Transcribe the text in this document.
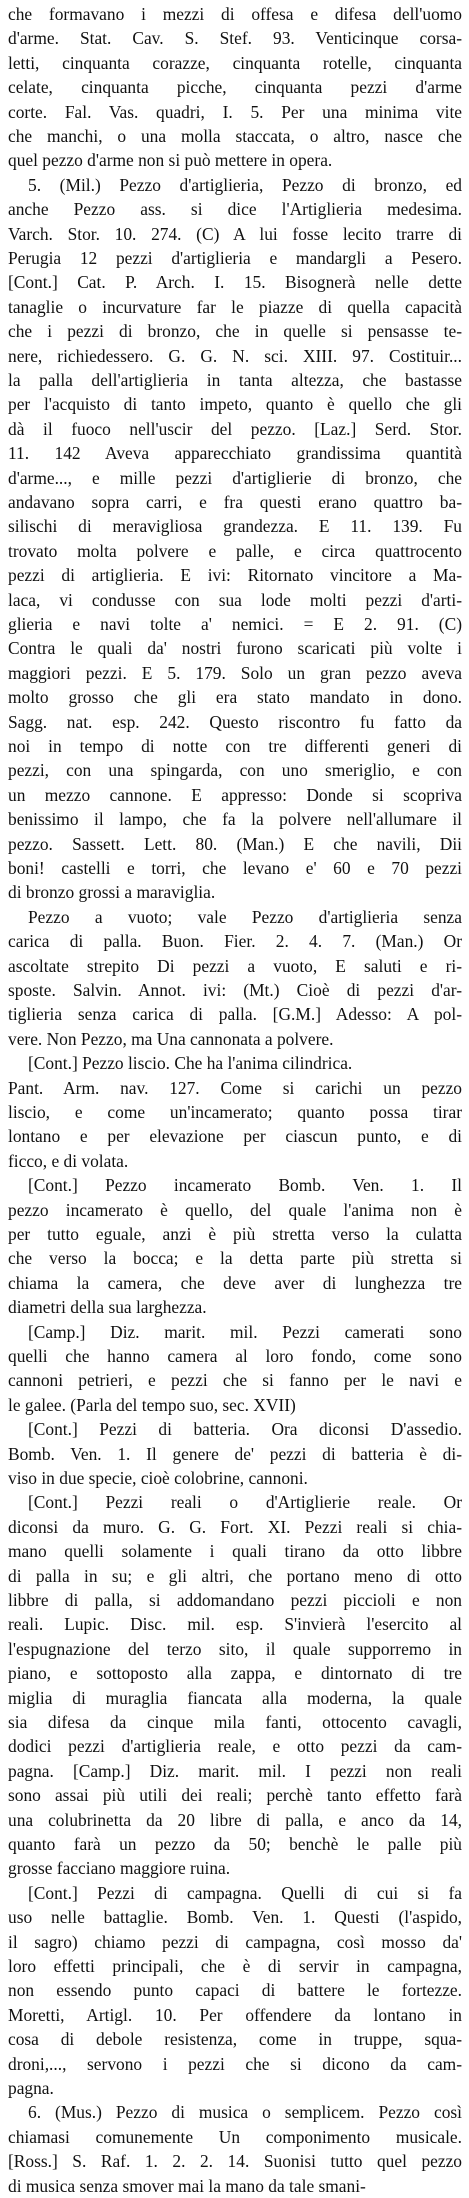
che formavano i mezzi di offesa e difesa dell'uomo
d'arme. Stat. Cav. S. Stef. 93. Venticinque corsa-
letti, cinquanta corazze, cinquanta rotelle, cinquanta
celate, cinquanta picche, cinquanta pezzi d'arme
corte. Fal. Vas. quadri, I. 5. Per una minima vite
che manchi, o una molla staccata, o altro, nasce che
quel pezzo d'arme non si può mettere in opera.
5. (Mil.) Pezzo d'artiglieria, Pezzo di bronzo, ed
anche Pezzo ass. si dice l'Artiglieria medesima.
Varch. Stor. 10. 274. (C) A lui fosse lecito trarre di
Perugia 12 pezzi d'artiglieria e mandargli a Pesero.
[Cont.] Cat. P. Arch. I. 15. Bisognerà nelle dette
tanaglie o incurvature far le piazze di quella capacità
che i pezzi di bronzo, che in quelle si pensasse te-
nere, richiedessero. G. G. N. sci. XIII. 97. Costituir...
la palla dell'artiglieria in tanta altezza, che bastasse
per l'acquisto di tanto impeto, quanto è quello che gli
dà il fuoco nell'uscir del pezzo. [Laz.] Serd. Stor.
11. 142 Aveva apparecchiato grandissima quantità
d'arme..., e mille pezzi d'artiglierie di bronzo, che
andavano sopra carri, e fra questi erano quattro ba-
silischi di meravigliosa grandezza. E 11. 139. Fu
trovato molta polvere e palle, e circa quattrocento
pezzi di artiglieria. E ivi: Ritornato vincitore a Ma-
laca, vi condusse con sua lode molti pezzi d'arti-
glieria e navi tolte a' nemici. = E 2. 91. (C)
Contra le quali da' nostri furono scaricati più volte i
maggiori pezzi. E 5. 179. Solo un gran pezzo aveva
molto grosso che gli era stato mandato in dono.
Sagg. nat. esp. 242. Questo riscontro fu fatto da
noi in tempo di notte con tre differenti generi di
pezzi, con una spingarda, con uno smeriglio, e con
un mezzo cannone. E appresso: Donde si scopriva
benissimo il lampo, che fa la polvere nell'allumare il
pezzo. Sassett. Lett. 80. (Man.) E che navili, Dii
boni! castelli e torri, che levano e' 60 e 70 pezzi
di bronzo grossi a maraviglia.
Pezzo a vuoto; vale Pezzo d'artiglieria senza
carica di palla. Buon. Fier. 2. 4. 7. (Man.) Or
ascoltate strepito Di pezzi a vuoto, E saluti e ri-
sposte. Salvin. Annot. ivi: (Mt.) Cioè di pezzi d'ar-
tiglieria senza carica di palla. [G.M.] Adesso: A pol-
vere. Non Pezzo, ma Una cannonata a polvere.
[Cont.] Pezzo liscio. Che ha l'anima cilindrica.
Pant. Arm. nav. 127. Come si carichi un pezzo
liscio, e come un'incamerato; quanto possa tirar
lontano e per elevazione per ciascun punto, e di
ficco, e di volata.
[Cont.] Pezzo incamerato Bomb. Ven. 1. Il
pezzo incamerato è quello, del quale l'anima non è
per tutto eguale, anzi è più stretta verso la culatta
che verso la bocca; e la detta parte più stretta si
chiama la camera, che deve aver di lunghezza tre
diametri della sua larghezza.
[Camp.] Diz. marit. mil. Pezzi camerati sono
quelli che hanno camera al loro fondo, come sono
cannoni petrieri, e pezzi che si fanno per le navi e
le galee. (Parla del tempo suo, sec. XVII)
[Cont.] Pezzi di batteria. Ora diconsi D'assedio.
Bomb. Ven. 1. Il genere de' pezzi di batteria è di-
viso in due specie, cioè colobrine, cannoni.
[Cont.] Pezzi reali o d'Artiglierie reale. Or
diconsi da muro. G. G. Fort. XI. Pezzi reali si chia-
mano quelli solamente i quali tirano da otto libbre
di palla in su; e gli altri, che portano meno di otto
libbre di palla, si addomandano pezzi piccioli e non
reali. Lupic. Disc. mil. esp. S'invierà l'esercito al
l'espugnazione del terzo sito, il quale supporremo in
piano, e sottoposto alla zappa, e dintornato di tre
miglia di muraglia fiancata alla moderna, la quale
sia difesa da cinque mila fanti, ottocento cavagli,
dodici pezzi d'artiglieria reale, e otto pezzi da cam-
pagna. [Camp.] Diz. marit. mil. I pezzi non reali
sono assai più utili dei reali; perchè tanto effetto farà
una colubrinetta da 20 libre di palla, e anco da 14,
quanto farà un pezzo da 50; benchè le palle più
grosse facciano maggiore ruina.
[Cont.] Pezzi di campagna. Quelli di cui si fa
uso nelle battaglie. Bomb. Ven. 1. Questi (l'aspido,
il sagro) chiamo pezzi di campagna, così mosso da'
loro effetti principali, che è di servir in campagna,
non essendo punto capaci di battere le fortezze.
Moretti, Artigl. 10. Per offendere da lontano in
cosa di debole resistenza, come in truppe, squa-
droni,..., servono i pezzi che si dicono da cam-
pagna.
6. (Mus.) Pezzo di musica o semplicem. Pezzo così
chiamasi comunemente Un componimento musicale.
[Ross.] S. Raf. 1. 2. 2. 14. Suonisi tutto quel pezzo
di musica senza smover mai la mano da tale smani-
